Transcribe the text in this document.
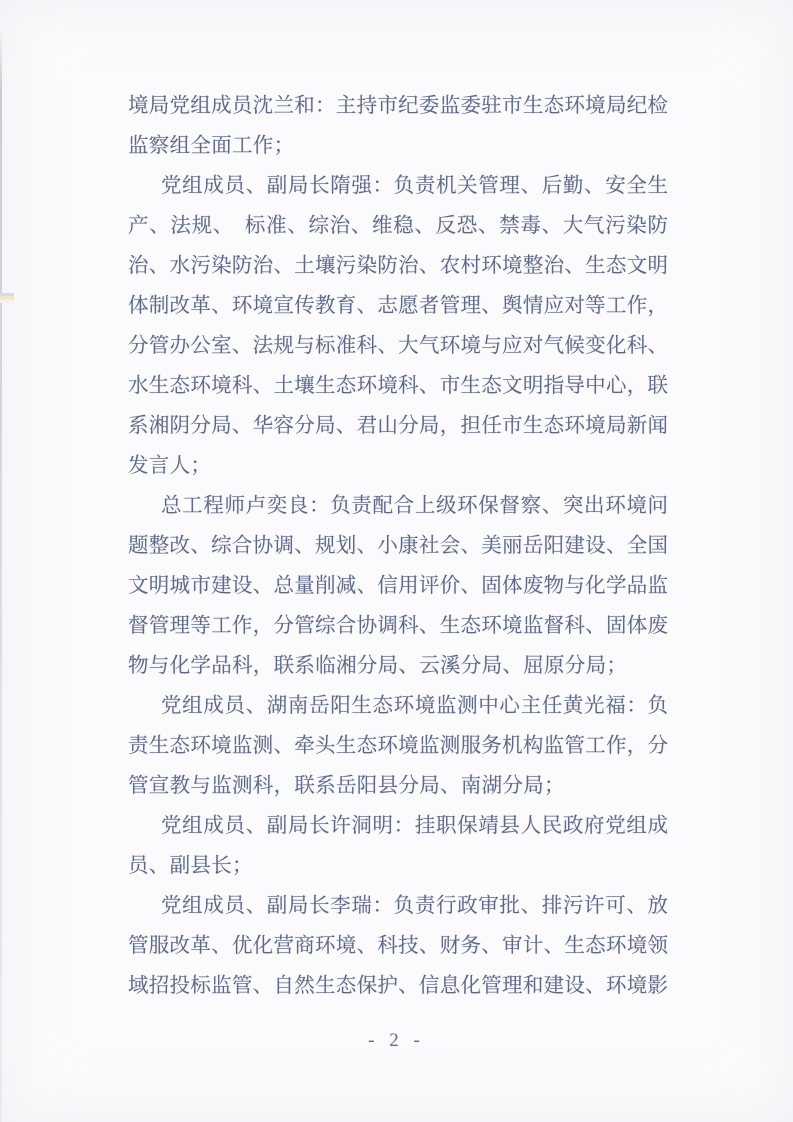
境局党组成员沈兰和：主持市纪委监委驻市生态环境局纪检
监察组全面工作；
党组成员、副局长隋强：负责机关管理、后勤、安全生
产、法规、　标准、综治、维稳、反恐、禁毒、大气污染防
治、水污染防治、土壤污染防治、农村环境整治、生态文明
体制改革、环境宣传教育、志愿者管理、舆情应对等工作，
分管办公室、法规与标准科、大气环境与应对气候变化科、
水生态环境科、土壤生态环境科、市生态文明指导中心，联
系湘阴分局、华容分局、君山分局，担任市生态环境局新闻
发言人；
总工程师卢奕良：负责配合上级环保督察、突出环境问
题整改、综合协调、规划、小康社会、美丽岳阳建设、全国
文明城市建设、总量削减、信用评价、固体废物与化学品监
督管理等工作，分管综合协调科、生态环境监督科、固体废
物与化学品科，联系临湘分局、云溪分局、屈原分局；
党组成员、湖南岳阳生态环境监测中心主任黄光福：负
责生态环境监测、牵头生态环境监测服务机构监管工作，分
管宣教与监测科，联系岳阳县分局、南湖分局；
党组成员、副局长许洞明：挂职保靖县人民政府党组成
员、副县长；
党组成员、副局长李瑞：负责行政审批、排污许可、放
管服改革、优化营商环境、科技、财务、审计、生态环境领
域招投标监管、自然生态保护、信息化管理和建设、环境影
- 2 -
